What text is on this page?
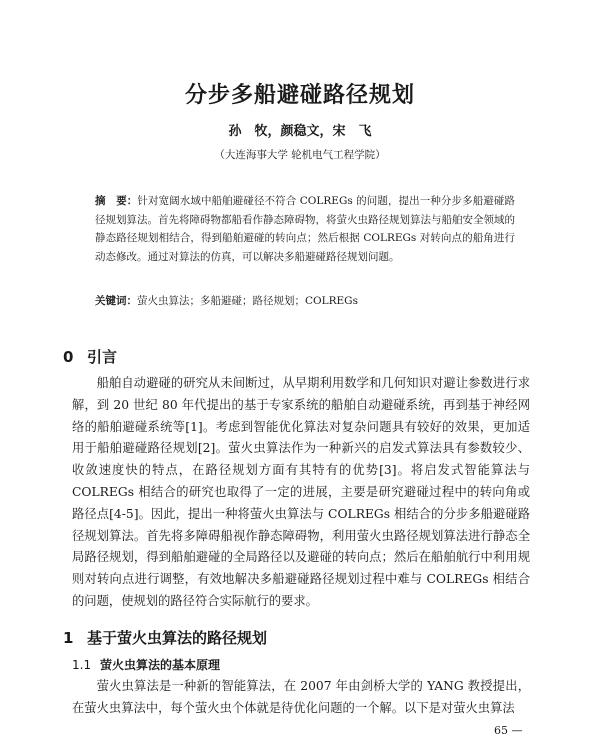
分步多船避碰路径规划
孙　牧，颜稳文，宋　飞
（大连海事大学 轮机电气工程学院）
摘　要：针对宽阔水域中船舶避碰径不符合 COLREGs 的问题，提出一种分步多船避碰路径规划算法。首先将障碍物都船看作静态障碍物，将萤火虫路径规划算法与船舶安全领域的静态路径规划相结合，得到船舶避碰的转向点；然后根据 COLREGs 对转向点的船角进行动态修改。通过对算法的仿真，可以解决多船避碰路径规划问题。
关键词：萤火虫算法；多船避碰；路径规划；COLREGs
0 引言
船舶自动避碰的研究从未间断过，从早期利用数学和几何知识对避让参数进行求解，到 20 世纪 80 年代提出的基于专家系统的船舶自动避碰系统，再到基于神经网络的船舶避碰系统等[1]。考虑到智能优化算法对复杂问题具有较好的效果，更加适用于船舶避碰路径规划[2]。萤火虫算法作为一种新兴的启发式算法具有参数较少、收敛速度快的特点，在路径规划方面有其特有的优势[3]。将启发式智能算法与 COLREGs 相结合的研究也取得了一定的进展，主要是研究避碰过程中的转向角或路径点[4-5]。因此，提出一种将萤火虫算法与 COLREGs 相结合的分步多船避碰路径规划算法。首先将多障碍船视作静态障碍物，利用萤火虫路径规划算法进行静态全局路径规划，得到船舶避碰的全局路径以及避碰的转向点；然后在船舶航行中利用规则对转向点进行调整，有效地解决多船避碰路径规划过程中难与 COLREGs 相结合的问题，使规划的路径符合实际航行的要求。
1 基于萤火虫算法的路径规划
1.1 萤火虫算法的基本原理
萤火虫算法是一种新的智能算法，在 2007 年由剑桥大学的 YANG 教授提出，在萤火虫算法中，每个萤火虫个体就是待优化问题的一个解。以下是对萤火虫算法
65 —
